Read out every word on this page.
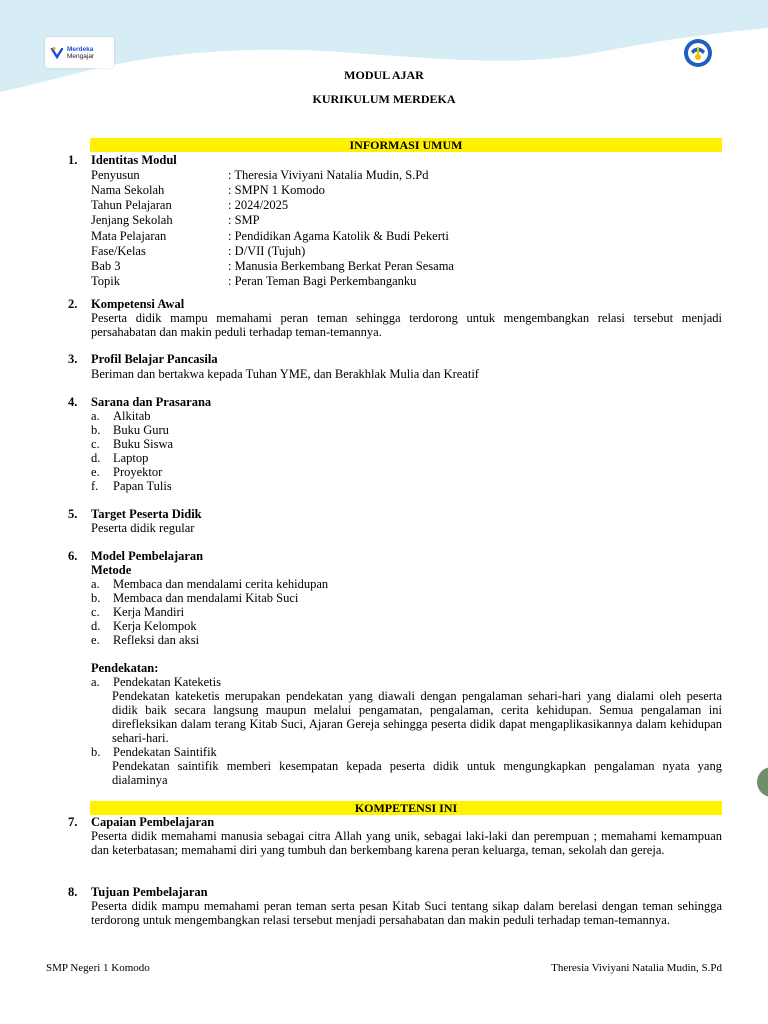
Merdeka
Mengajar
MODUL AJAR
KURIKULUM MERDEKA
INFORMASI UMUM
1. Identitas Modul
Penyusun	: Theresia Viviyani Natalia Mudin, S.Pd
Nama Sekolah	: SMPN 1 Komodo
Tahun Pelajaran	: 2024/2025
Jenjang Sekolah	: SMP
Mata Pelajaran	: Pendidikan Agama Katolik & Budi Pekerti
Fase/Kelas	: D/VII (Tujuh)
Bab 3	: Manusia Berkembang Berkat Peran Sesama
Topik	: Peran Teman Bagi Perkembanganku
2. Kompetensi Awal
Peserta didik mampu memahami peran teman sehingga terdorong untuk mengembangkan relasi tersebut menjadi persahabatan dan makin peduli terhadap teman-temannya.
3. Profil Belajar Pancasila
Beriman dan bertakwa kepada Tuhan YME, dan Berakhlak Mulia dan Kreatif
4. Sarana dan Prasarana
a. Alkitab
b. Buku Guru
c. Buku Siswa
d. Laptop
e. Proyektor
f. Papan Tulis
5. Target Peserta Didik
Peserta didik regular
6. Model Pembelajaran
Metode
a. Membaca dan mendalami cerita kehidupan
b. Membaca dan mendalami Kitab Suci
c. Kerja Mandiri
d. Kerja Kelompok
e. Refleksi dan aksi
Pendekatan:
a. Pendekatan Kateketis
Pendekatan kateketis merupakan pendekatan yang diawali dengan pengalaman sehari-hari yang dialami oleh peserta didik baik secara langsung maupun melalui pengamatan, pengalaman, cerita kehidupan. Semua pengalaman ini direfleksikan dalam terang Kitab Suci, Ajaran Gereja sehingga peserta didik dapat mengaplikasikannya dalam kehidupan sehari-hari.
b. Pendekatan Saintifik
Pendekatan saintifik memberi kesempatan kepada peserta didik untuk mengungkapkan pengalaman nyata yang dialaminya
KOMPETENSI INI
7. Capaian Pembelajaran
Peserta didik memahami manusia sebagai citra Allah yang unik, sebagai laki-laki dan perempuan ; memahami kemampuan dan keterbatasan; memahami diri yang tumbuh dan berkembang karena peran keluarga, teman, sekolah dan gereja.
8. Tujuan Pembelajaran
Peserta didik mampu memahami peran teman serta pesan Kitab Suci tentang sikap dalam berelasi dengan teman sehingga terdorong untuk mengembangkan relasi tersebut menjadi persahabatan dan makin peduli terhadap teman-temannya.
SMP Negeri 1 Komodo	Theresia Viviyani Natalia Mudin, S.Pd
